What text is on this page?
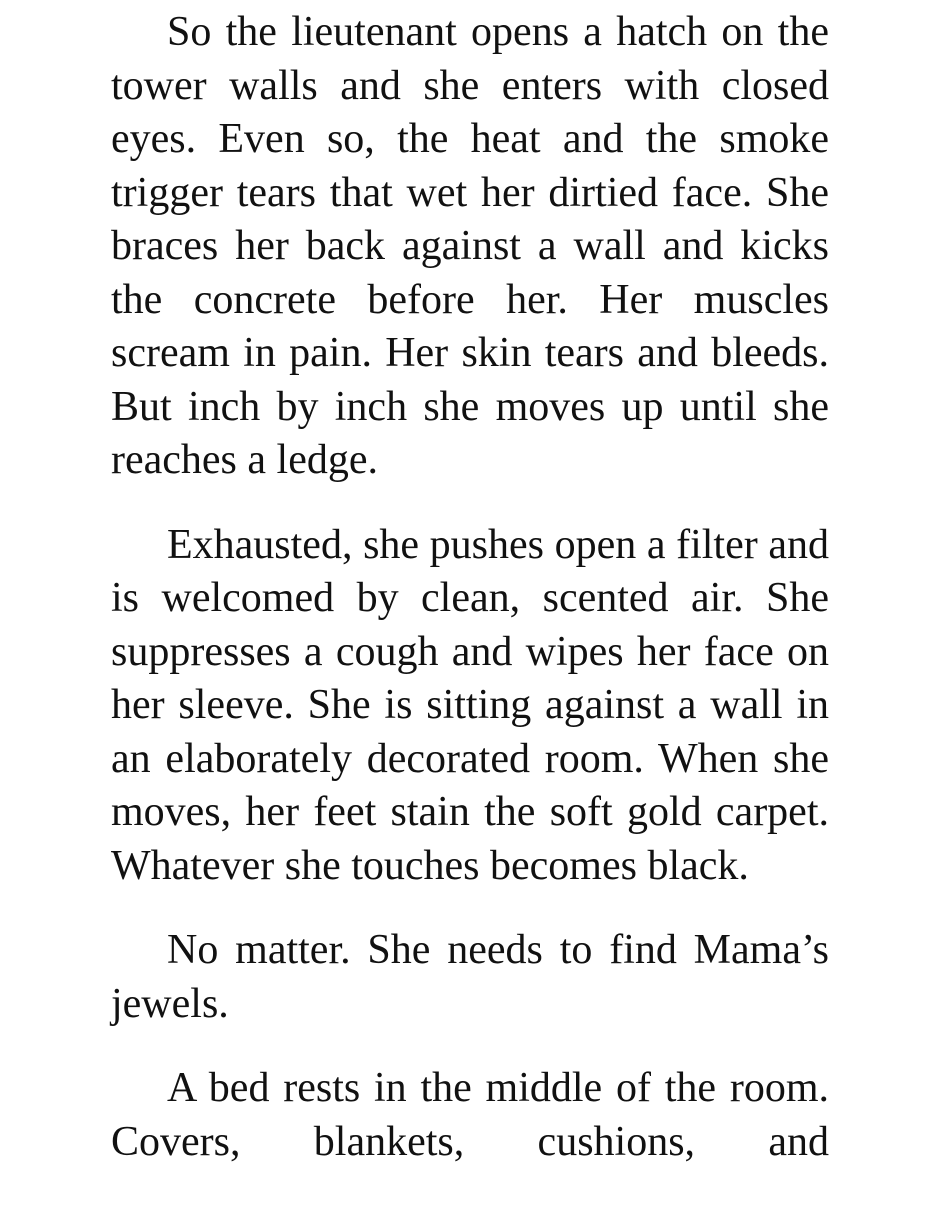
So the lieutenant opens a hatch on the tower walls and she enters with closed eyes. Even so, the heat and the smoke trigger tears that wet her dirtied face. She braces her back against a wall and kicks the concrete before her. Her muscles scream in pain. Her skin tears and bleeds. But inch by inch she moves up until she reaches a ledge.

Exhausted, she pushes open a filter and is welcomed by clean, scented air. She suppresses a cough and wipes her face on her sleeve. She is sitting against a wall in an elaborately decorated room. When she moves, her feet stain the soft gold carpet. Whatever she touches becomes black.

No matter. She needs to find Mama’s jewels.

A bed rests in the middle of the room. Covers, blankets, cushions, and
